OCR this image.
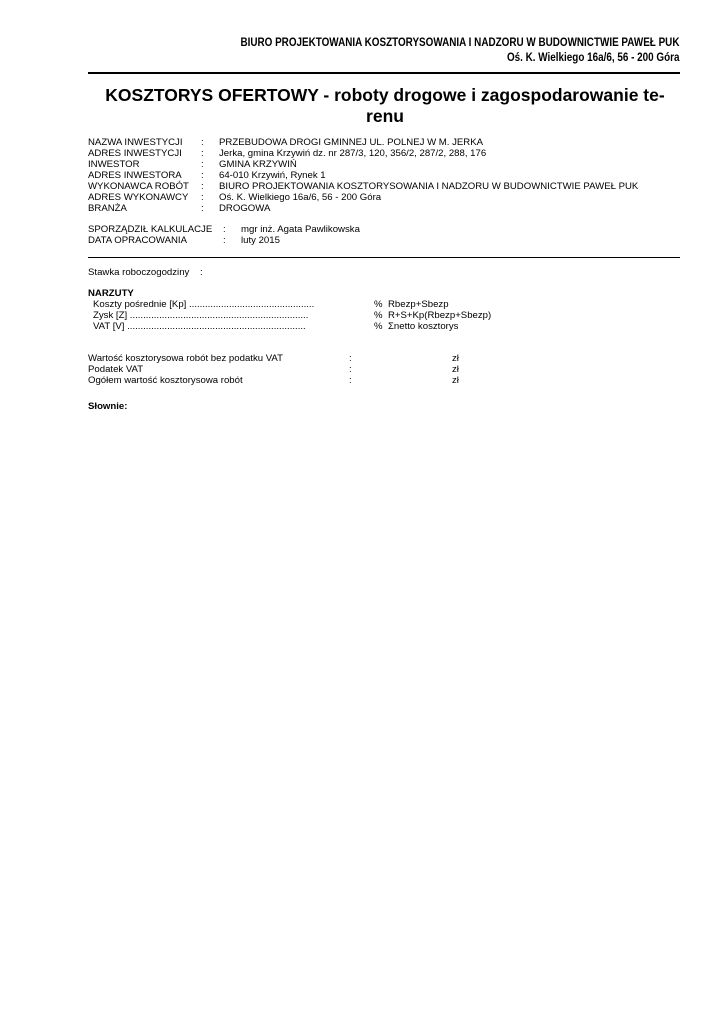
BIURO PROJEKTOWANIA KOSZTORYSOWANIA I NADZORU W BUDOWNICTWIE PAWEŁ PUK
Oś. K. Wielkiego 16a/6, 56 - 200 Góra
KOSZTORYS OFERTOWY - roboty drogowe i zagospodarowanie te-
renu
NAZWA INWESTYCJI : PRZEBUDOWA DROGI GMINNEJ UL. POLNEJ W M. JERKA
ADRES INWESTYCJI : Jerka, gmina Krzywiń dz. nr 287/3, 120, 356/2, 287/2, 288, 176
INWESTOR	: GMINA KRZYWIŃ
ADRES INWESTORA : 64-010 Krzywiń, Rynek 1
WYKONAWCA ROBÓT : BIURO PROJEKTOWANIA KOSZTORYSOWANIA I NADZORU W BUDOWNICTWIE PAWEŁ PUK
ADRES WYKONAWCY : Oś. K. Wielkiego 16a/6, 56 - 200 Góra
BRANŻA	: DROGOWA
SPORZĄDZIŁ KALKULACJE : mgr inż. Agata Pawlikowska
DATA OPRACOWANIA	: luty 2015
Stawka roboczogodziny :
NARZUTY
Koszty pośrednie [Kp] ...............................................	% Rbezp+Sbezp
Zysk [Z] ...................................................................	% R+S+Kp(Rbezp+Sbezp)
VAT [V] ...................................................................	% Σnetto kosztorys
Wartość kosztorysowa robót bez podatku VAT	:	zł
Podatek VAT	:	zł
Ogółem wartość kosztorysowa robót	:	zł
Słownie:
